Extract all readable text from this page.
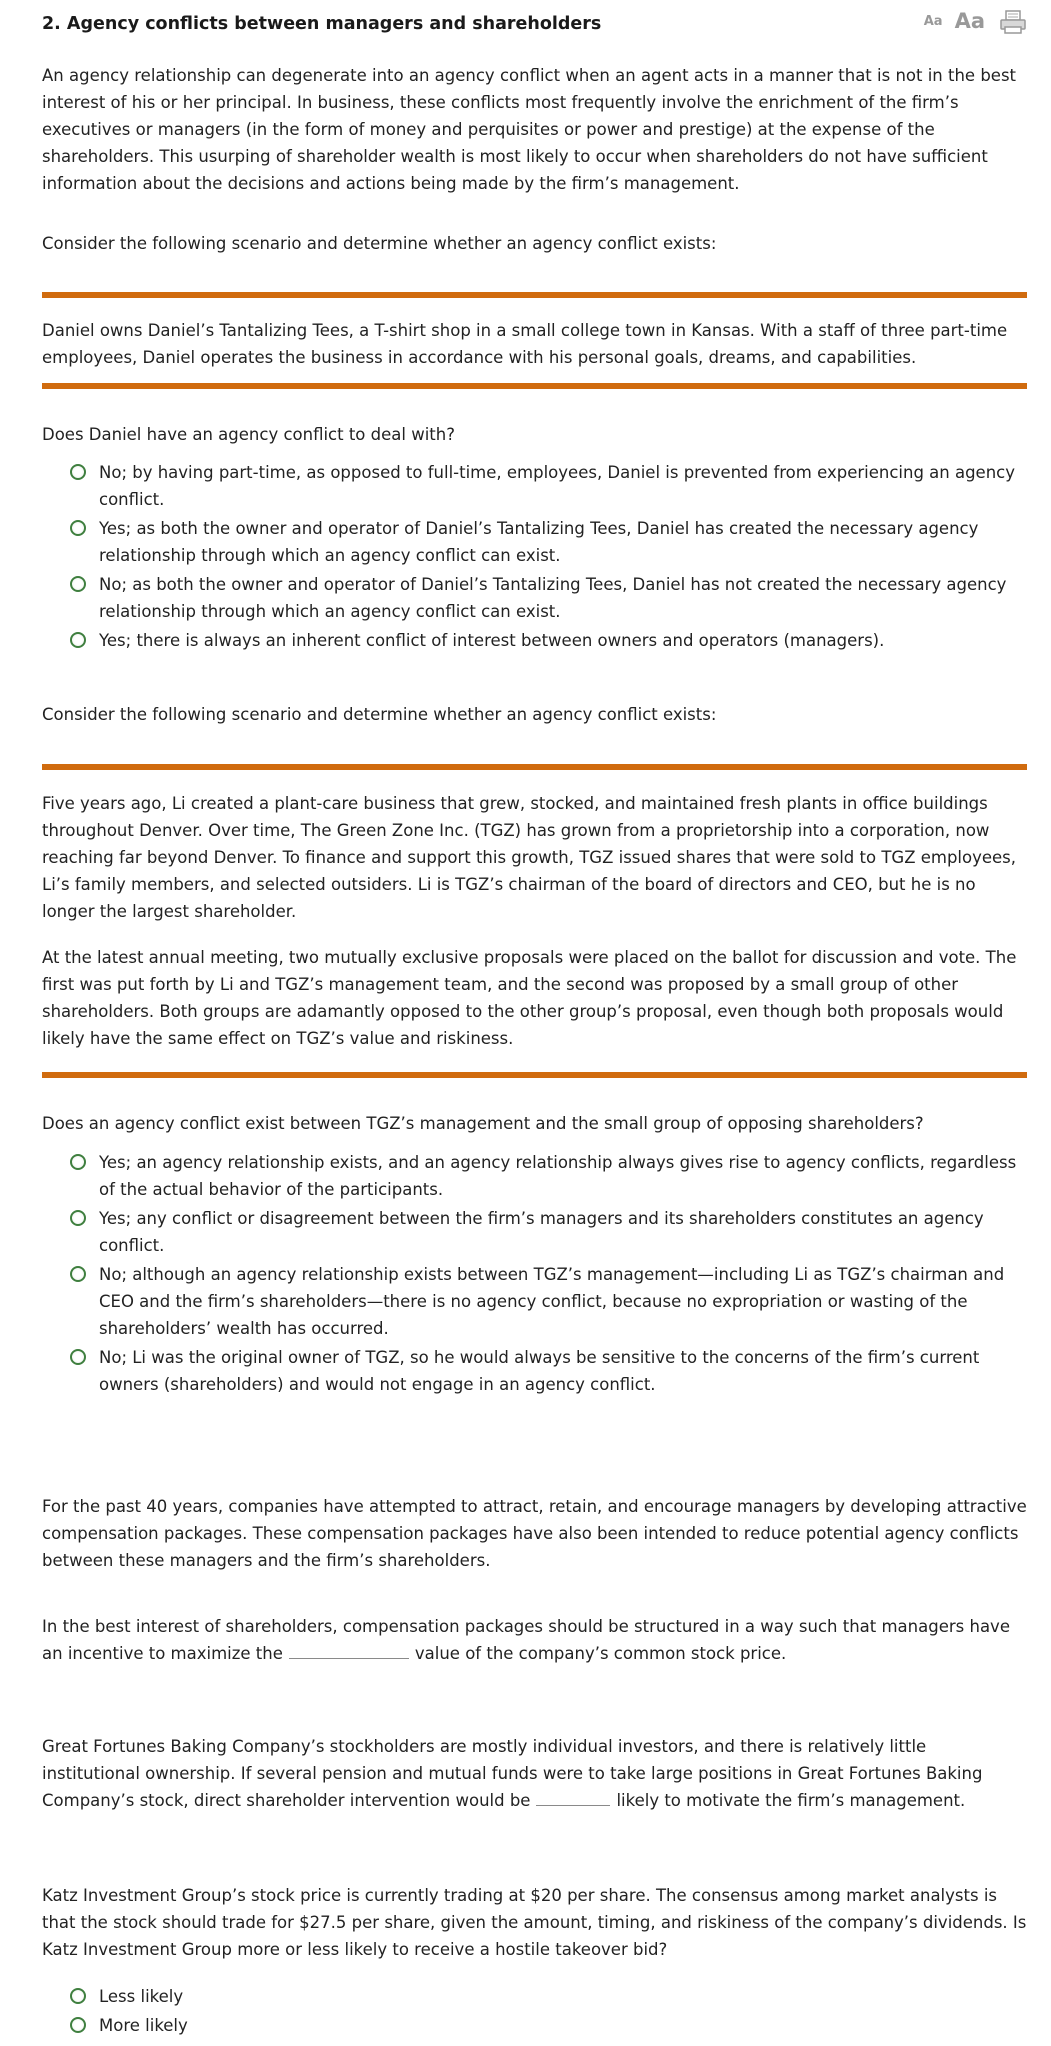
2. Agency conflicts between managers and shareholders	Aa Aa

An agency relationship can degenerate into an agency conflict when an agent acts in a manner that is not in the best interest of his or her principal. In business, these conflicts most frequently involve the enrichment of the firm’s executives or managers (in the form of money and perquisites or power and prestige) at the expense of the shareholders. This usurping of shareholder wealth is most likely to occur when shareholders do not have sufficient information about the decisions and actions being made by the firm’s management.

Consider the following scenario and determine whether an agency conflict exists:

Daniel owns Daniel’s Tantalizing Tees, a T-shirt shop in a small college town in Kansas. With a staff of three part-time employees, Daniel operates the business in accordance with his personal goals, dreams, and capabilities.

Does Daniel have an agency conflict to deal with?

No; by having part-time, as opposed to full-time, employees, Daniel is prevented from experiencing an agency conflict.
Yes; as both the owner and operator of Daniel’s Tantalizing Tees, Daniel has created the necessary agency relationship through which an agency conflict can exist.
No; as both the owner and operator of Daniel’s Tantalizing Tees, Daniel has not created the necessary agency relationship through which an agency conflict can exist.
Yes; there is always an inherent conflict of interest between owners and operators (managers).

Consider the following scenario and determine whether an agency conflict exists:

Five years ago, Li created a plant-care business that grew, stocked, and maintained fresh plants in office buildings throughout Denver. Over time, The Green Zone Inc. (TGZ) has grown from a proprietorship into a corporation, now reaching far beyond Denver. To finance and support this growth, TGZ issued shares that were sold to TGZ employees, Li’s family members, and selected outsiders. Li is TGZ’s chairman of the board of directors and CEO, but he is no longer the largest shareholder.

At the latest annual meeting, two mutually exclusive proposals were placed on the ballot for discussion and vote. The first was put forth by Li and TGZ’s management team, and the second was proposed by a small group of other shareholders. Both groups are adamantly opposed to the other group’s proposal, even though both proposals would likely have the same effect on TGZ’s value and riskiness.

Does an agency conflict exist between TGZ’s management and the small group of opposing shareholders?

Yes; an agency relationship exists, and an agency relationship always gives rise to agency conflicts, regardless of the actual behavior of the participants.
Yes; any conflict or disagreement between the firm’s managers and its shareholders constitutes an agency conflict.
No; although an agency relationship exists between TGZ’s management—including Li as TGZ’s chairman and CEO and the firm’s shareholders—there is no agency conflict, because no expropriation or wasting of the shareholders’ wealth has occurred.
No; Li was the original owner of TGZ, so he would always be sensitive to the concerns of the firm’s current owners (shareholders) and would not engage in an agency conflict.

For the past 40 years, companies have attempted to attract, retain, and encourage managers by developing attractive compensation packages. These compensation packages have also been intended to reduce potential agency conflicts between these managers and the firm’s shareholders.

In the best interest of shareholders, compensation packages should be structured in a way such that managers have an incentive to maximize the	value of the company’s common stock price.

Great Fortunes Baking Company’s stockholders are mostly individual investors, and there is relatively little institutional ownership. If several pension and mutual funds were to take large positions in Great Fortunes Baking Company’s stock, direct shareholder intervention would be	likely to motivate the firm’s management.

Katz Investment Group’s stock price is currently trading at $20 per share. The consensus among market analysts is that the stock should trade for $27.5 per share, given the amount, timing, and riskiness of the company’s dividends. Is Katz Investment Group more or less likely to receive a hostile takeover bid?

Less likely
More likely
